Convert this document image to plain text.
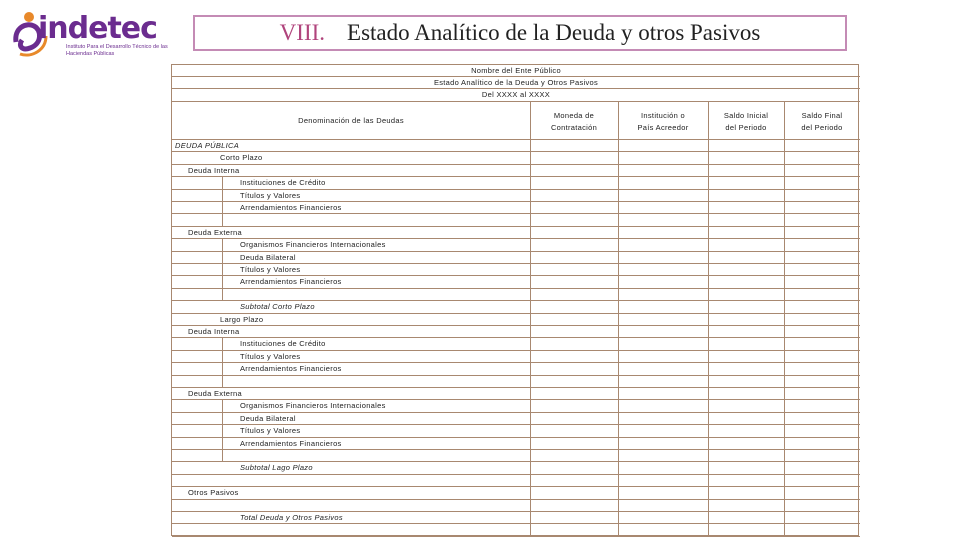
indetec
Instituto Para el Desarrollo Técnico de las Haciendas Públicas
VIII. Estado Analítico de la Deuda y otros Pasivos
Nombre del Ente Público
Estado Analítico de la Deuda y Otros Pasivos
Del XXXX al XXXX
Denominación de las Deudas	Moneda de
Contratación
Institución o
País Acreedor
Saldo Inicial
del Periodo
Saldo Final
del Periodo
DEUDA PÚBLICA
Corto Plazo
Deuda Interna
Instituciones de Crédito
Títulos y Valores
Arrendamientos Financieros
Deuda Externa
Organismos Financieros Internacionales
Deuda Bilateral
Títulos y Valores
Arrendamientos Financieros
Subtotal Corto Plazo
Largo Plazo
Deuda Interna
Instituciones de Crédito
Títulos y Valores
Arrendamientos Financieros
Deuda Externa
Organismos Financieros Internacionales
Deuda Bilateral
Títulos y Valores
Arrendamientos Financieros
Subtotal Lago Plazo
Otros Pasivos
Total Deuda y Otros Pasivos
